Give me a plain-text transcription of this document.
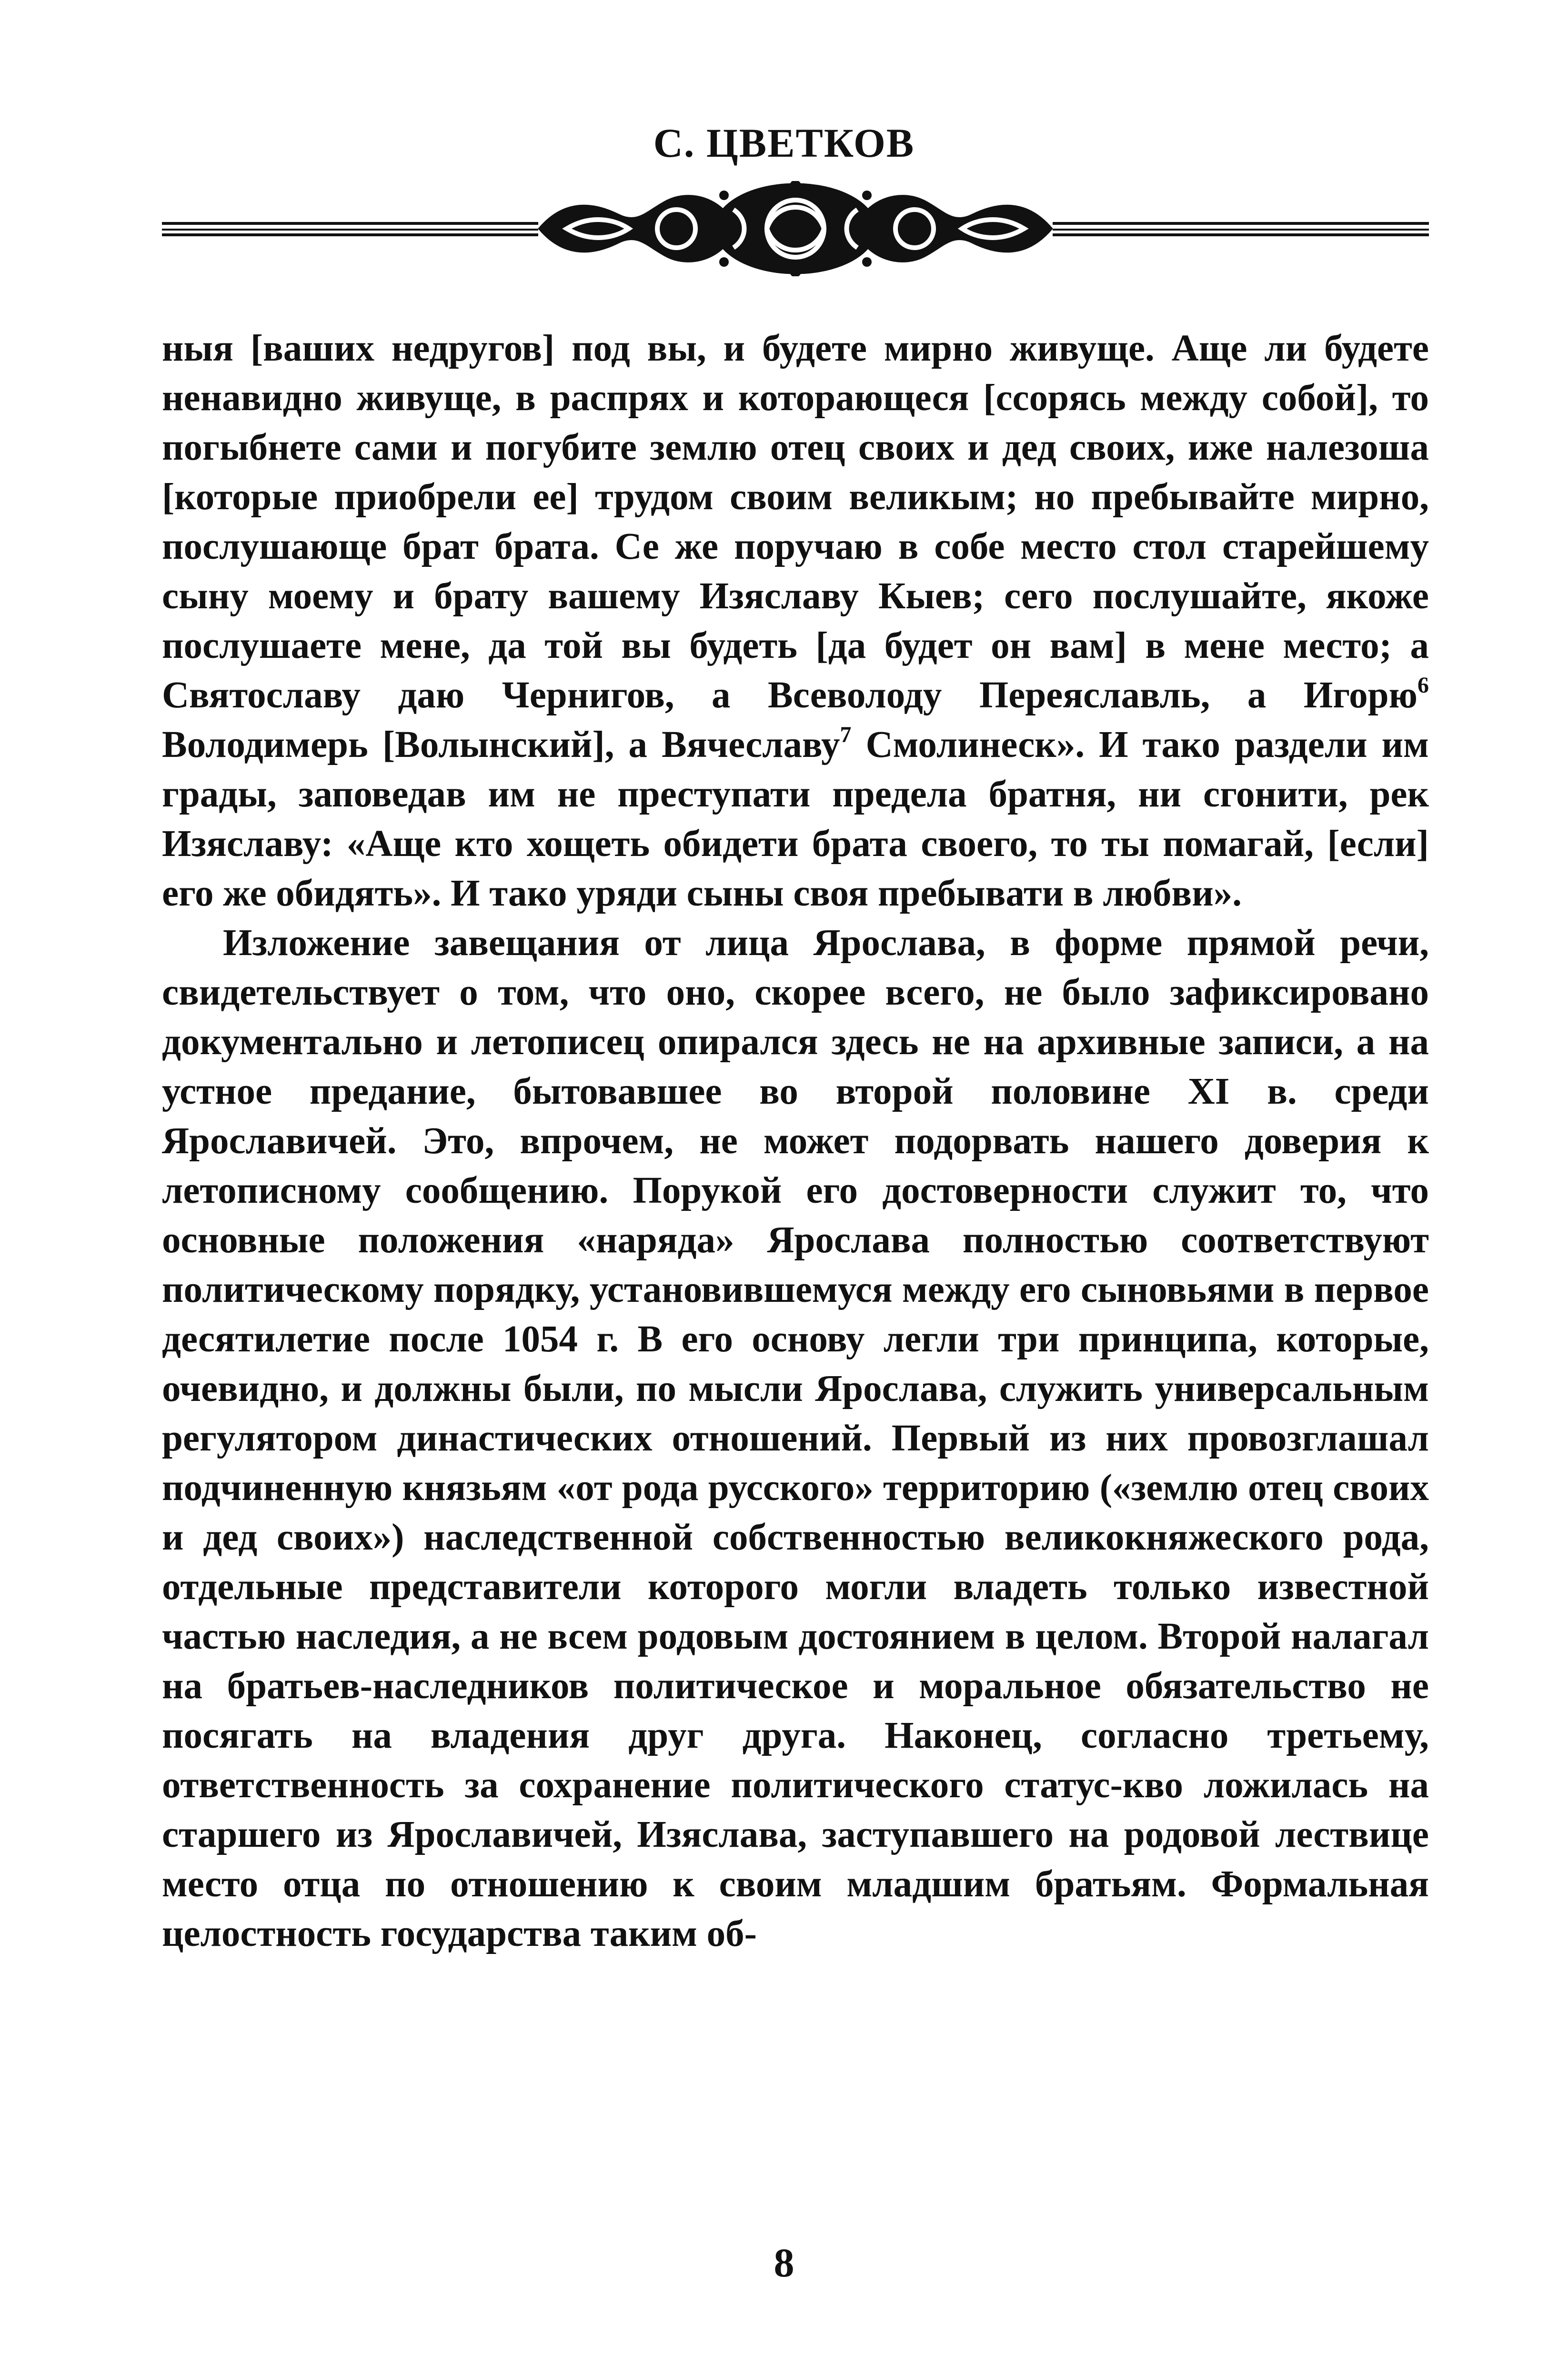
С. ЦВЕТКОВ

ныя [ваших недругов] под вы, и будете мирно живуще. Аще ли будете ненавидно живуще, в распрях и которающеся [ссорясь между собой], то погыбнете сами и погубите землю отец своих и дед своих, иже налезоша [которые приобрели ее] трудом своим великым; но пребывайте мирно, послушающе брат брата. Се же поручаю в собе место стол старейшему сыну моему и брату вашему Изяславу Кыев; сего послушайте, якоже послушаете мене, да той вы будеть [да будет он вам] в мене место; а Святославу даю Чернигов, а Всеволоду Переяславль, а Игорю$^6$ Володимерь [Волынский], а Вячеславу$^7$ Смолинеск». И тако раздели им грады, заповедав им не преступати предела братня, ни сгонити, рек Изяславу: «Аще кто хощеть обидети брата своего, то ты помагай, [если] его же обидять». И тако уряди сыны своя пребывати в любви».

Изложение завещания от лица Ярослава, в форме прямой речи, свидетельствует о том, что оно, скорее всего, не было зафиксировано документально и летописец опирался здесь не на архивные записи, а на устное предание, бытовавшее во второй половине XI в. среди Ярославичей. Это, впрочем, не может подорвать нашего доверия к летописному сообщению. Порукой его достоверности служит то, что основные положения «наряда» Ярослава полностью соответствуют политическому порядку, установившемуся между его сыновьями в первое десятилетие после 1054 г. В его основу легли три принципа, которые, очевидно, и должны были, по мысли Ярослава, служить универсальным регулятором династических отношений. Первый из них провозглашал подчиненную князьям «от рода русского» территорию («землю отец своих и дед своих») наследственной собственностью великокняжеского рода, отдельные представители которого могли владеть только известной частью наследия, а не всем родовым достоянием в целом. Второй налагал на братьев-наследников политическое и моральное обязательство не посягать на владения друг друга. Наконец, согласно третьему, ответственность за сохранение политического статус-кво ложилась на старшего из Ярославичей, Изяслава, заступавшего на родовой лествице место отца по отношению к своим младшим братьям. Формальная целостность государства таким об-

8
